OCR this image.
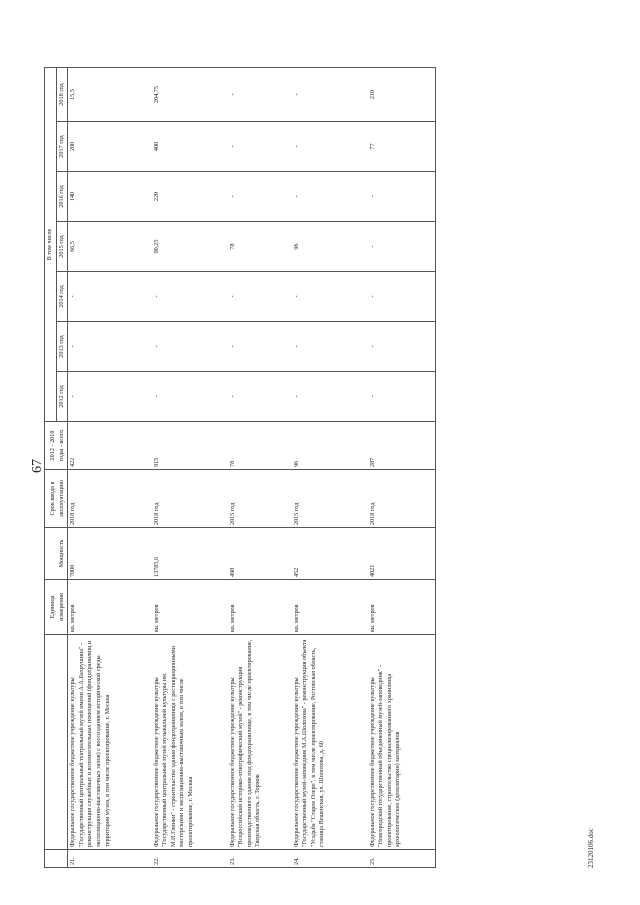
67
		Единица измерения	Мощность	Срок ввода в эксплуатацию	2012 - 2018 годы - всего	В том числе						
						2012 год	2013 год	2014 год	2015 год	2016 год	2017 год	2018 год
21.	Федеральное государственное бюджетное учреждение культуры "Государственный центральный театральный музей имени А.А.Бахрушина" - реконструкция служебных и вспомогательных помещений (фондохранилищ и экспозиционно-выставочных залов) с воссозданием исторической среды территории музея, в том числе проектирование, г. Москва	кв. метров	7000	2018 год	422	-	-	-	66,5	140	200	15,5
22.	Федеральное государственное бюджетное учреждение культуры "Государственный центральный музей музыкальной культуры им. М.И.Глинки" - строительство здания фондохранилища с реставрационными мастерскими и экспозиционно-выставочным залом, в том числе проектирование, г. Москва	кв. метров	13785,6	2018 год	915	-	-	-	90,25	220	400	204,75
23.	Федеральное государственное бюджетное учреждение культуры "Всероссийский историко-этнографический музей" - реконструкция производственного здания под фондохранилище, в том числе проектирование, Тверская область, г. Торжок	кв. метров	498	2015 год	78	-	-	-	78	-	-	-
24.	Федеральное государственное бюджетное учреждение культуры "Государственный музей-заповедник М.А.Шолохова" - реконструкция объекта "Усадьба "Старое Озеро", в том числе проектирование, Ростовская область, станица Вешенская, ул. Шолохова, д. 60	кв. метров	452	2015 год	96	-	-	-	96	-	-	-
25.	Федеральное государственное бюджетное учреждение культуры "Новгородский государственный объединенный музей-заповедник" - проектирование, строительство специализированного хранилища археологических (депозитарии) материалов	кв. метров	4021	2018 год	287	-	-	-	-	-	77	210
23120106.doc
